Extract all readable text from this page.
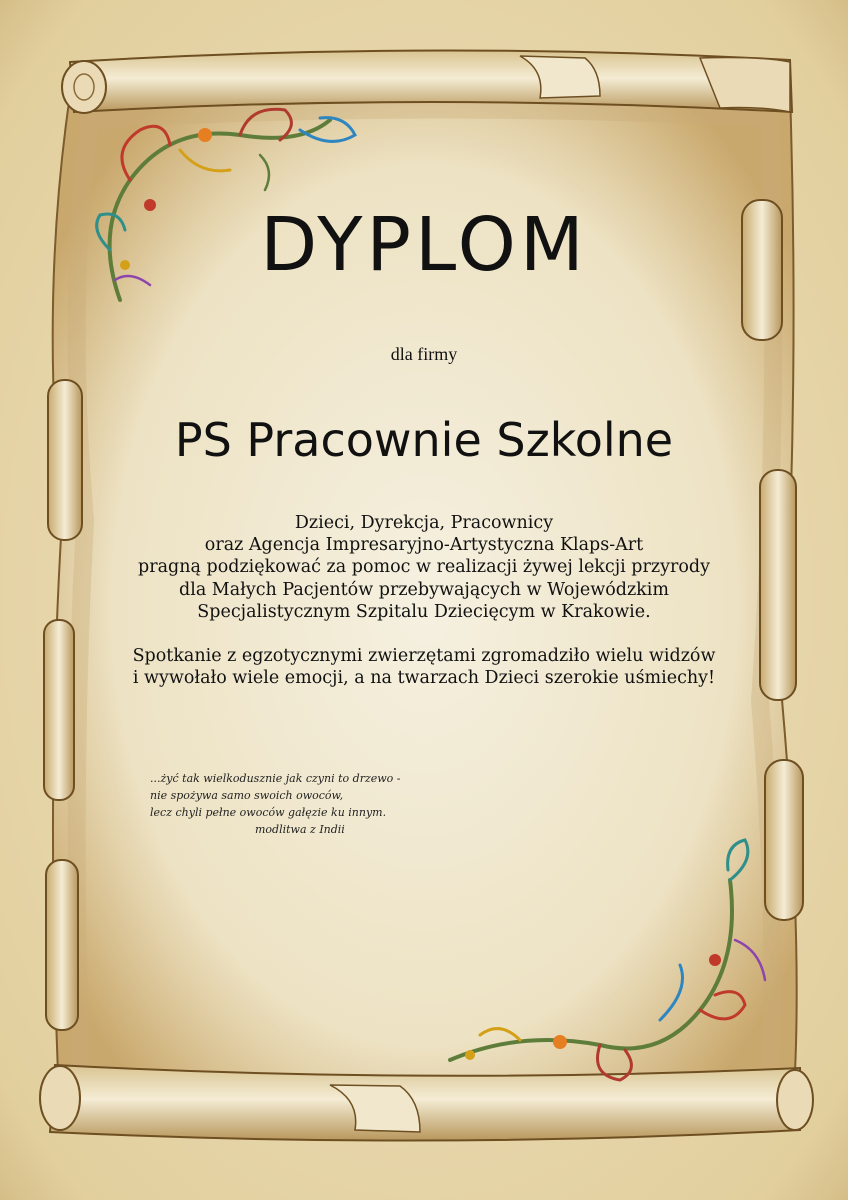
DYPLOM

dla firmy

PS Pracownie Szkolne
Dzieci, Dyrekcja, Pracownicy
oraz Agencja Impresaryjno-Artystyczna Klaps-Art
pragną podziękować za pomoc w realizacji żywej lekcji przyrody
dla Małych Pacjentów przebywających w Wojewódzkim
Specjalistycznym Szpitalu Dziecięcym w Krakowie.
Spotkanie z egzotycznymi zwierzętami zgromadziło wielu widzów
i wywołało wiele emocji, a na twarzach Dzieci szerokie uśmiechy!
...żyć tak wielkodusznie jak czyni to drzewo -
nie spożywa samo swoich owoców,
lecz chyli pełne owoców gałęzie ku innym.
modlitwa z Indii
